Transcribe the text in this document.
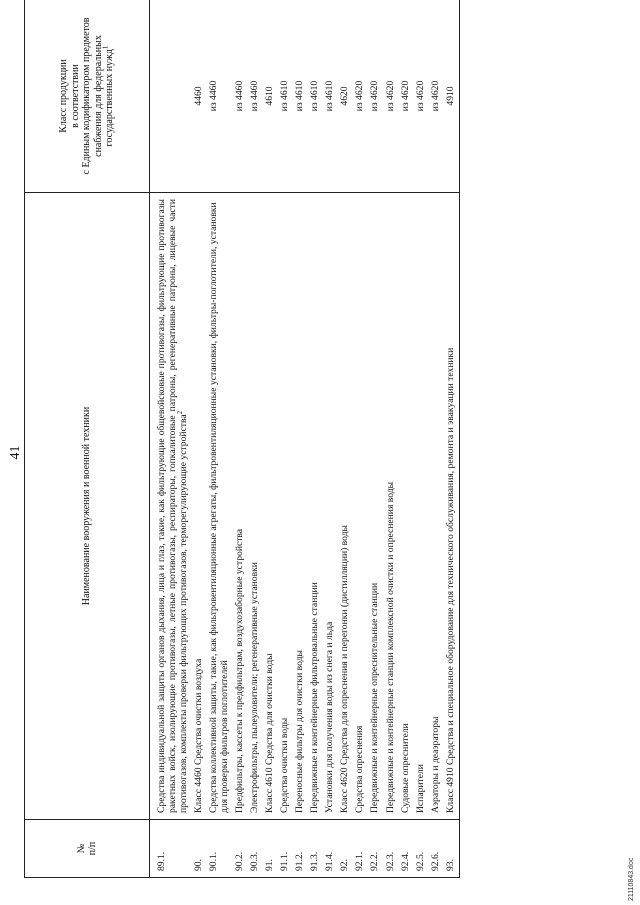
41
№
п/п	Наименование вооружения и военной техники	Класс продукции
в соответствии
с Единым кодификатором предметов
снабжения для федеральных
государственных нужд$^1$
89.1.	Средства индивидуальной защиты органов дыхания, лица и глаз, такие, как фильтрующие общевойсковые противогазы, фильтрующие противогазы ракетных войск, изолирующие противогазы, летные противогазы, респираторы, гопкалитовые патроны, регенеративные патроны, лицевые части противогазов, комплекты проверки фильтрующих противогазов, терморегулирующие устройства$^2$	
90.	Класс 4460 Средства очистки воздуха	4460
90.1.	Средства коллективной защиты, такие, как фильтровентиляционные агрегаты, фильтровентиляционные установки, фильтры-поглотители, установки для проверки фильтров поглотителей	из 4460
90.2.	Предфильтры, кассеты к предфильтрам, воздухозаборные устройства	из 4460
90.3.	Электрофильтры, пылеуловители; регенеративные установки	из 4460
91.	Класс 4610 Средства для очистки воды	4610
91.1.	Средства очистки воды	из 4610
91.2.	Переносные фильтры для очистки воды	из 4610
91.3.	Передвижные и контейнерные фильтровальные станции	из 4610
91.4.	Установки для получения воды из снега и льда	из 4610
92.	Класс 4620 Средства для опреснения и перегонки (дистилляции) воды	4620
92.1.	Средства опреснения	из 4620
92.2.	Передвижные и контейнерные опреснительные станции	из 4620
92.3.	Передвижные и контейнерные станции комплексной очистки и опреснения воды	из 4620
92.4.	Судовые опреснители	из 4620
92.5.	Испарители	из 4620
92.6.	Аэраторы и деаэраторы	из 4620
93.	Класс 4910 Средства и специальное оборудование для технического обслуживания, ремонта и эвакуации техники	4910
21110843.doc
